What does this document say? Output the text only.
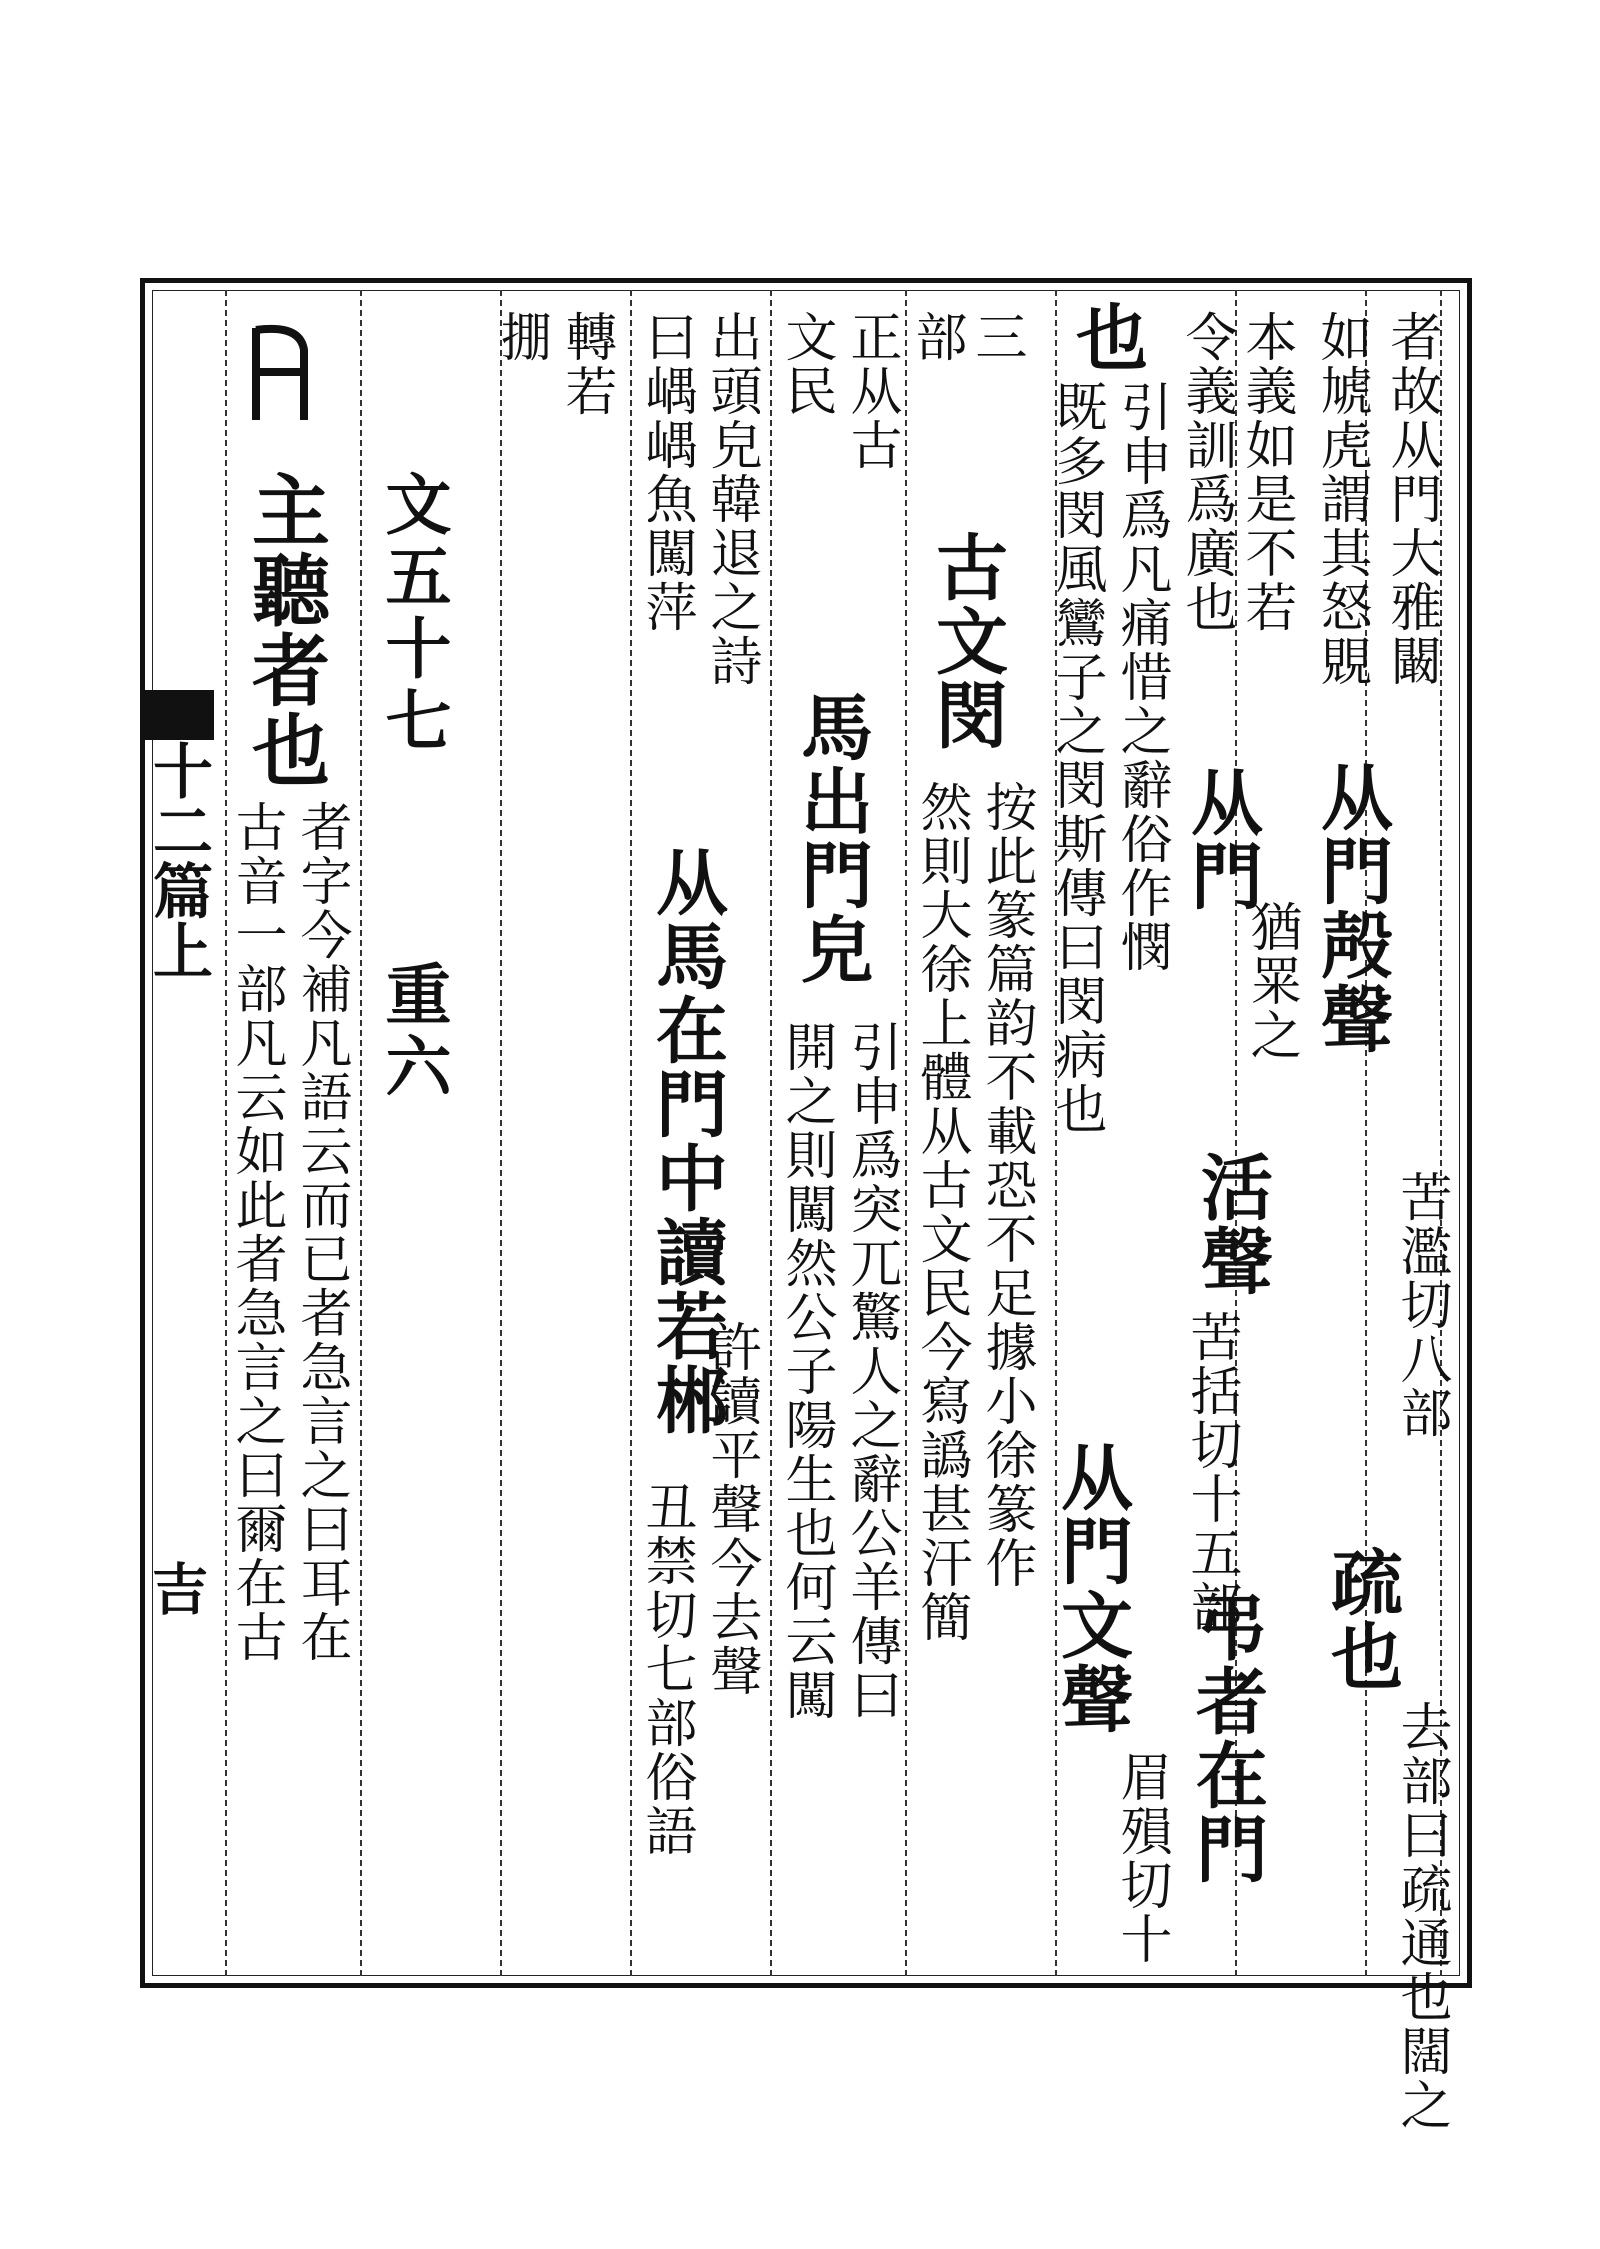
十二篇上
吉
者故从門大雅闞
如虓虎謂其怒覞
从門殸聲
苦濫切八部
本義如是不若
疏也
去部曰疏通也闊之
令義訓爲廣也
从門
猶䍘之
活聲
苦括切十五部
弔者在門
也
引申爲凡痛惜之辭俗作憫
既多閔風鸞子之閔斯傳曰閔病也
从門文聲
眉殞切十
三
古文閔
按此篆篇韵不載恐不足據小徐篆作
部
然則大徐上體从古文民今寫譌甚汗簡
正从古
馬出門皃
引申爲突兀驚人之辭公羊傳曰
文民
開之則闖然公子陽生也何云闖
出頭皃韓退之詩
許讀平聲今去聲
从馬在門中讀若郴
丑禁切七部俗語
曰嵎嵎魚闖萍
轉若
掤
文五十七
重六
主聽者也
者字今補凡語云而已者急言之曰耳在
古音一部凡云如此者急言之曰爾在古
